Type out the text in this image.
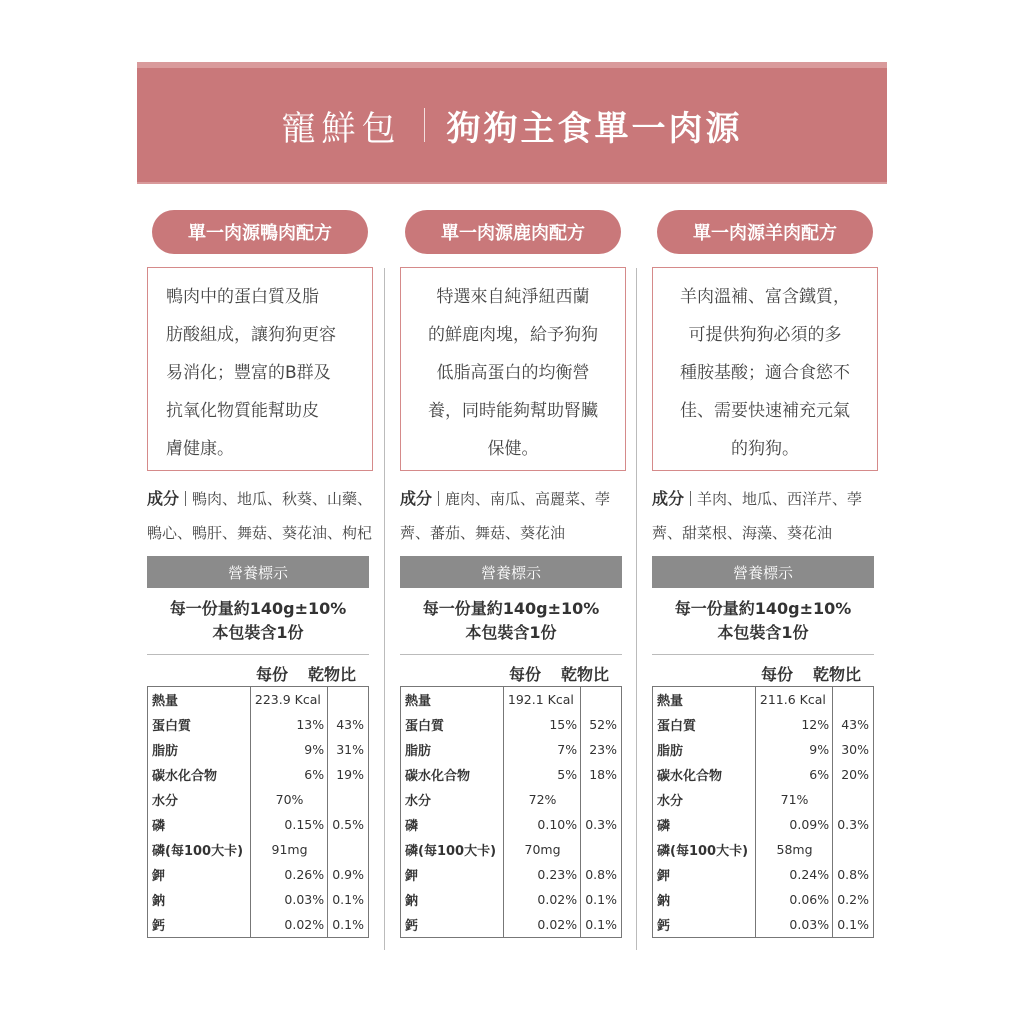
寵鮮包 狗狗主食單一肉源
單一肉源鴨肉配方
鴨肉中的蛋白質及脂
肪酸組成，讓狗狗更容
易消化；豐富的B群及
抗氧化物質能幫助皮
膚健康。
成分 鴨肉、地瓜、秋葵、山藥、
鴨心、鴨肝、舞菇、葵花油、枸杞
營養標示
每一份量約140g±10%
本包裝含1份
每份 乾物比
熱量	223.9 Kcal	
蛋白質	13%	43%
脂肪	9%	31%
碳水化合物	6%	19%
水分	70%	
磷	0.15%	0.5%
磷(每100大卡)	91mg	
鉀	0.26%	0.9%
鈉	0.03%	0.1%
鈣	0.02%	0.1%
單一肉源鹿肉配方
特選來自純淨紐西蘭
的鮮鹿肉塊，給予狗狗
低脂高蛋白的均衡營
養，同時能夠幫助腎臟
保健。
成分 鹿肉、南瓜、高麗菜、荸
薺、蕃茄、舞菇、葵花油
營養標示
每一份量約140g±10%
本包裝含1份
每份 乾物比
熱量	192.1 Kcal	
蛋白質	15%	52%
脂肪	7%	23%
碳水化合物	5%	18%
水分	72%	
磷	0.10%	0.3%
磷(每100大卡)	70mg	
鉀	0.23%	0.8%
鈉	0.02%	0.1%
鈣	0.02%	0.1%
單一肉源羊肉配方
羊肉溫補、富含鐵質，
可提供狗狗必須的多
種胺基酸；適合食慾不
佳、需要快速補充元氣
的狗狗。
成分 羊肉、地瓜、西洋芹、荸
薺、甜菜根、海藻、葵花油
營養標示
每一份量約140g±10%
本包裝含1份
每份 乾物比
熱量	211.6 Kcal	
蛋白質	12%	43%
脂肪	9%	30%
碳水化合物	6%	20%
水分	71%	
磷	0.09%	0.3%
磷(每100大卡)	58mg	
鉀	0.24%	0.8%
鈉	0.06%	0.2%
鈣	0.03%	0.1%
